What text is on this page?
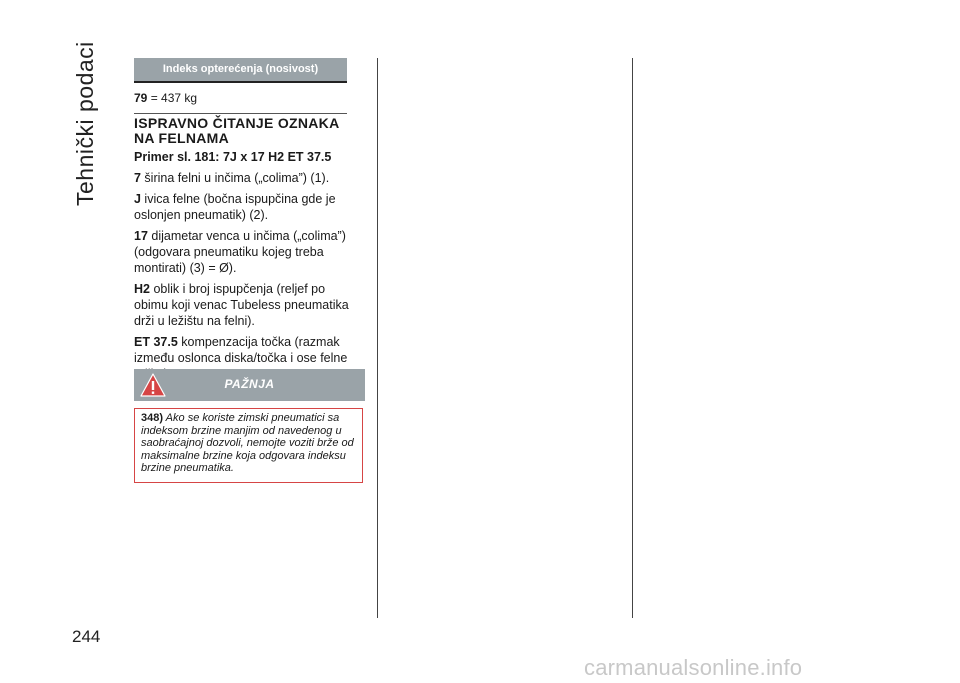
Tehnički podaci	Indeks opterećenja (nosivost)
79 = 437 kg
ISPRAVNO ČITANJE OZNAKA
NA FELNAMA
Primer sl. 181: 7J x 17 H2 ET 37.5
7 širina felni u inčima („colima”) (1).
J ivica felne (bočna ispupčina gde je oslonjen pneumatik) (2).
17 dijametar venca u inčima („colima”) (odgovara pneumatiku kojeg treba montirati) (3) = Ø).
H2 oblik i broj ispupčenja (reljef po obimu koji venac Tubeless pneumatika drži u ležištu na felni).
ET 37.5 kompenzacija točka (razmak između oslonca diska/točka i ose felne
PAŽNJA
348) Ako se koriste zimski pneumatici sa indeksom brzine manjim od navedenog u saobraćajnoj dozvoli, nemojte voziti brže od maksimalne brzine koja odgovara indeksu brzine pneumatika.
244
carmanualsonline.info
